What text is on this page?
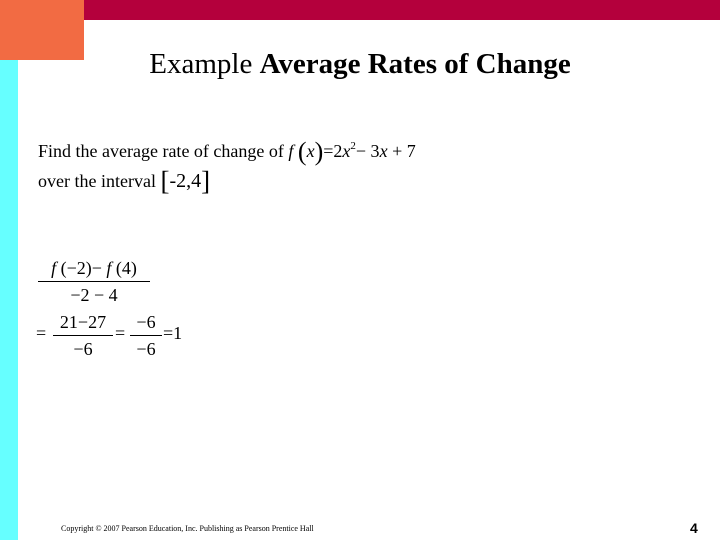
Example Average Rates of Change
Find the average rate of change of f $(x)=2x^2- 3x + 7$
over the interval [-2,4]
$\frac{f (-2)- f (4)}{-2 - 4}$
= $\frac{21-27}{-6} = \frac{-6}{-6} =1$
Copyright © 2007 Pearson Education, Inc. Publishing as Pearson Prentice Hall	4
